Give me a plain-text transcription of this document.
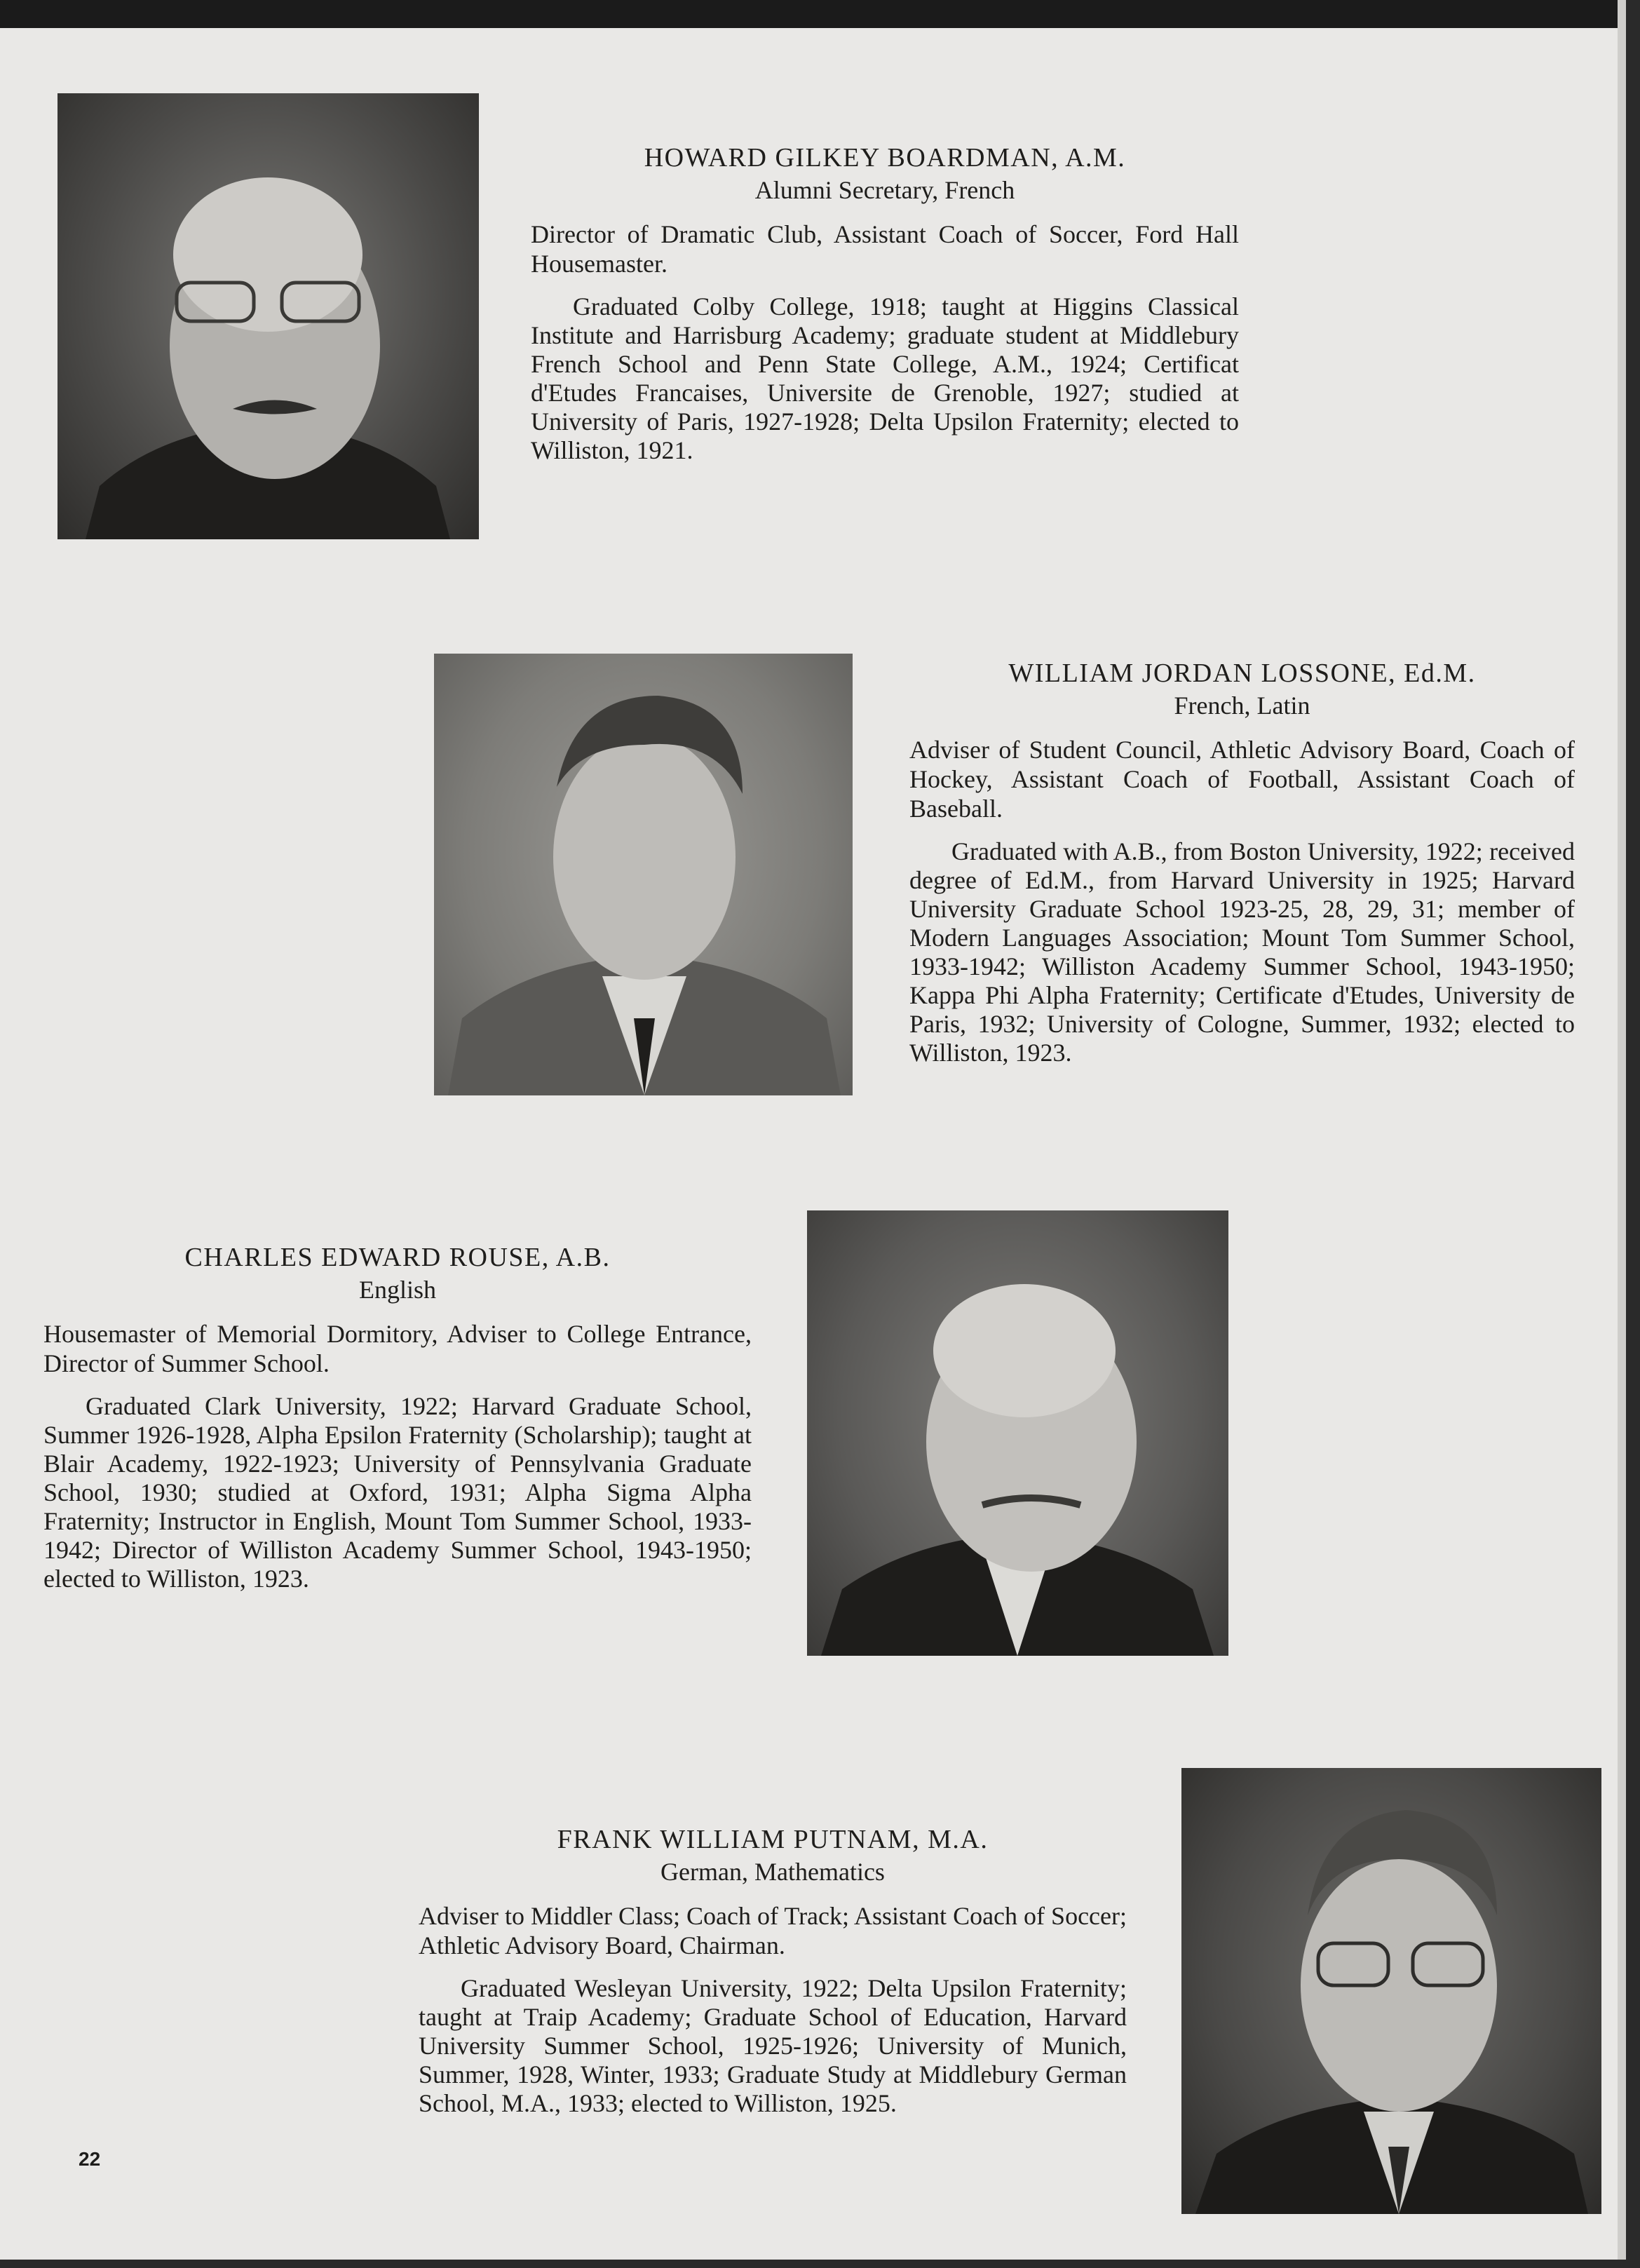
HOWARD GILKEY BOARDMAN, A.M.

Alumni Secretary, French

Director of Dramatic Club, Assistant Coach of Soccer, Ford Hall Housemaster.

Graduated Colby College, 1918; taught at Higgins Classical Institute and Harrisburg Academy; graduate student at Middlebury French School and Penn State College, A.M., 1924; Certificat d'Etudes Francaises, Universite de Grenoble, 1927; studied at University of Paris, 1927-1928; Delta Upsilon Fraternity; elected to Williston, 1921.

WILLIAM JORDAN LOSSONE, Ed.M.

French, Latin

Adviser of Student Council, Athletic Advisory Board, Coach of Hockey, Assistant Coach of Football, Assistant Coach of Baseball.

Graduated with A.B., from Boston University, 1922; received degree of Ed.M., from Harvard University in 1925; Harvard University Graduate School 1923-25, 28, 29, 31; member of Modern Languages Association; Mount Tom Summer School, 1933-1942; Williston Academy Summer School, 1943-1950; Kappa Phi Alpha Fraternity; Certificate d'Etudes, University de Paris, 1932; University of Cologne, Summer, 1932; elected to Williston, 1923.

CHARLES EDWARD ROUSE, A.B.

English

Housemaster of Memorial Dormitory, Adviser to College Entrance, Director of Summer School.

Graduated Clark University, 1922; Harvard Graduate School, Summer 1926-1928, Alpha Epsilon Fraternity (Scholarship); taught at Blair Academy, 1922-1923; University of Pennsylvania Graduate School, 1930; studied at Oxford, 1931; Alpha Sigma Alpha Fraternity; Instructor in English, Mount Tom Summer School, 1933-1942; Director of Williston Academy Summer School, 1943-1950; elected to Williston, 1923.

FRANK WILLIAM PUTNAM, M.A.

German, Mathematics

Adviser to Middler Class; Coach of Track; Assistant Coach of Soccer; Athletic Advisory Board, Chairman.

Graduated Wesleyan University, 1922; Delta Upsilon Fraternity; taught at Traip Academy; Graduate School of Education, Harvard University Summer School, 1925-1926; University of Munich, Summer, 1928, Winter, 1933; Graduate Study at Middlebury German School, M.A., 1933; elected to Williston, 1925.

22
